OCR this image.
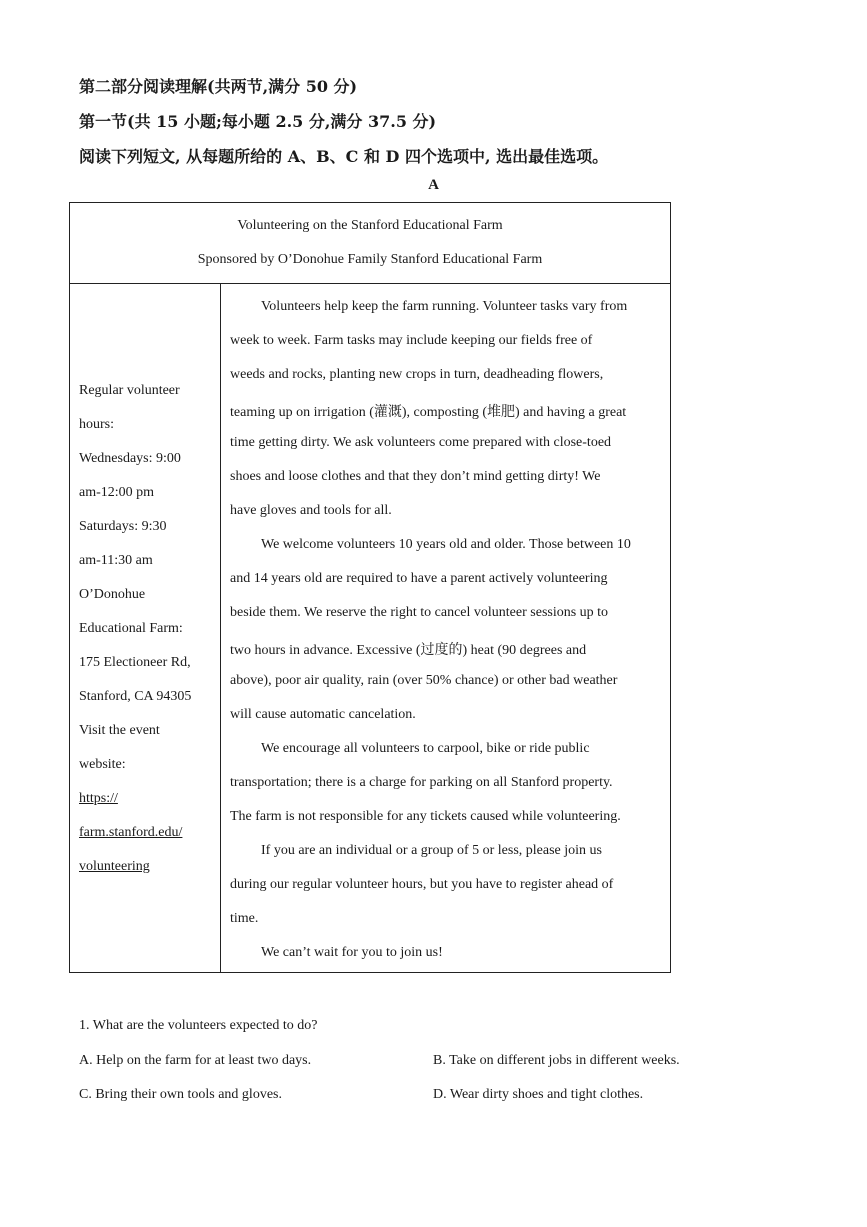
第二部分阅读理解(共两节,满分 50 分)
第一节(共 15 小题;每小题 2.5 分,满分 37.5 分)
阅读下列短文, 从每题所给的 A、B、C 和 D 四个选项中, 选出最佳选项。
A
Volunteering on the Stanford Educational Farm
Sponsored by O’Donohue Family Stanford Educational Farm
Regular volunteer
hours:
Wednesdays: 9:00
am-12:00 pm
Saturdays: 9:30
am-11:30 am
O’Donohue
Educational Farm:
175 Electioneer Rd,
Stanford, CA 94305
Visit the event
website:
https://
farm.stanford.edu/
volunteering
Volunteers help keep the farm running. Volunteer tasks vary from
week to week. Farm tasks may include keeping our fields free of
weeds and rocks, planting new crops in turn, deadheading flowers,
teaming up on irrigation (灌溉), composting (堆肥) and having a great
time getting dirty. We ask volunteers come prepared with close-toed
shoes and loose clothes and that they don’t mind getting dirty! We
have gloves and tools for all.
We welcome volunteers 10 years old and older. Those between 10
and 14 years old are required to have a parent actively volunteering
beside them. We reserve the right to cancel volunteer sessions up to
two hours in advance. Excessive (过度的) heat (90 degrees and
above), poor air quality, rain (over 50% chance) or other bad weather
will cause automatic cancelation.
We encourage all volunteers to carpool, bike or ride public
transportation; there is a charge for parking on all Stanford property.
The farm is not responsible for any tickets caused while volunteering.
If you are an individual or a group of 5 or less, please join us
during our regular volunteer hours, but you have to register ahead of
time.
We can’t wait for you to join us!
1. What are the volunteers expected to do?
A. Help on the farm for at least two days.	B. Take on different jobs in different weeks.
C. Bring their own tools and gloves.	D. Wear dirty shoes and tight clothes.
